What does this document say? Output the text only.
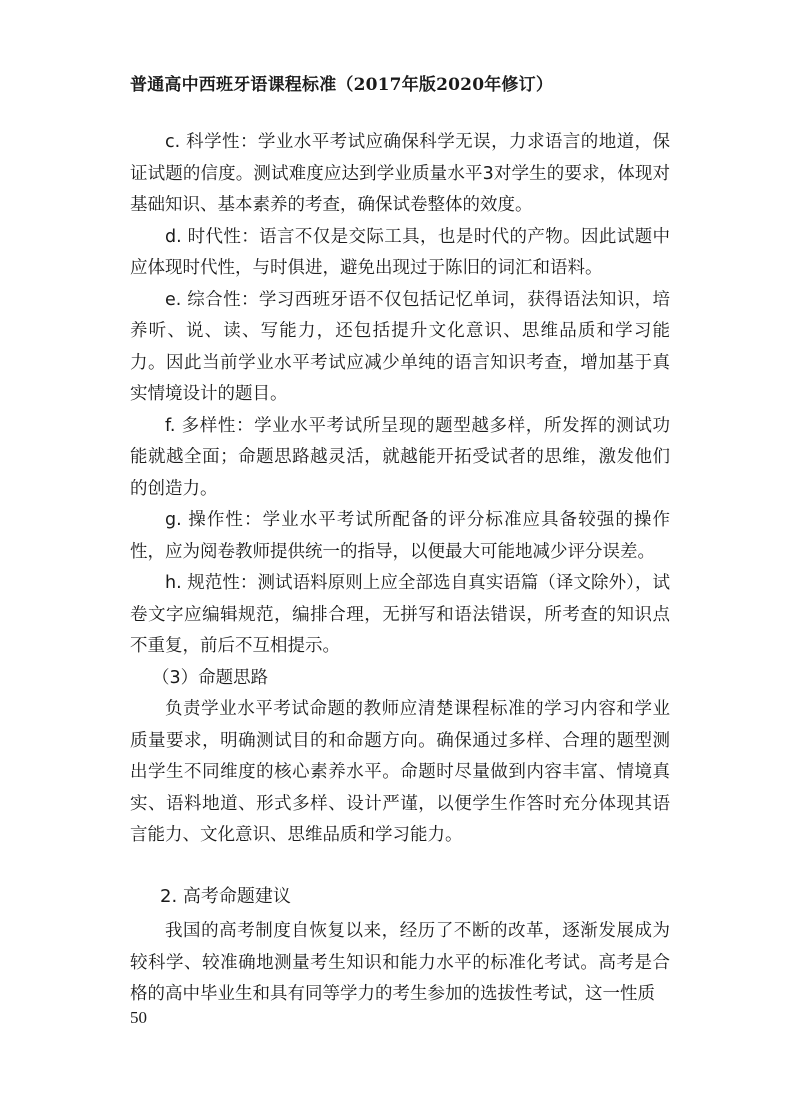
普通高中西班牙语课程标准（2017年版2020年修订）

c. 科学性：学业水平考试应确保科学无误，力求语言的地道，保证试题的信度。测试难度应达到学业质量水平3对学生的要求，体现对基础知识、基本素养的考查，确保试卷整体的效度。

d. 时代性：语言不仅是交际工具，也是时代的产物。因此试题中应体现时代性，与时俱进，避免出现过于陈旧的词汇和语料。

e. 综合性：学习西班牙语不仅包括记忆单词，获得语法知识，培养听、说、读、写能力，还包括提升文化意识、思维品质和学习能力。因此当前学业水平考试应减少单纯的语言知识考查，增加基于真实情境设计的题目。

f. 多样性：学业水平考试所呈现的题型越多样，所发挥的测试功能就越全面；命题思路越灵活，就越能开拓受试者的思维，激发他们的创造力。

g. 操作性：学业水平考试所配备的评分标准应具备较强的操作性，应为阅卷教师提供统一的指导，以便最大可能地减少评分误差。

h. 规范性：测试语料原则上应全部选自真实语篇（译文除外），试卷文字应编辑规范，编排合理，无拼写和语法错误，所考查的知识点不重复，前后不互相提示。

（3）命题思路

负责学业水平考试命题的教师应清楚课程标准的学习内容和学业质量要求，明确测试目的和命题方向。确保通过多样、合理的题型测出学生不同维度的核心素养水平。命题时尽量做到内容丰富、情境真实、语料地道、形式多样、设计严谨，以便学生作答时充分体现其语言能力、文化意识、思维品质和学习能力。

2. 高考命题建议

我国的高考制度自恢复以来，经历了不断的改革，逐渐发展成为较科学、较准确地测量考生知识和能力水平的标准化考试。高考是合格的高中毕业生和具有同等学力的考生参加的选拔性考试，这一性质

50
